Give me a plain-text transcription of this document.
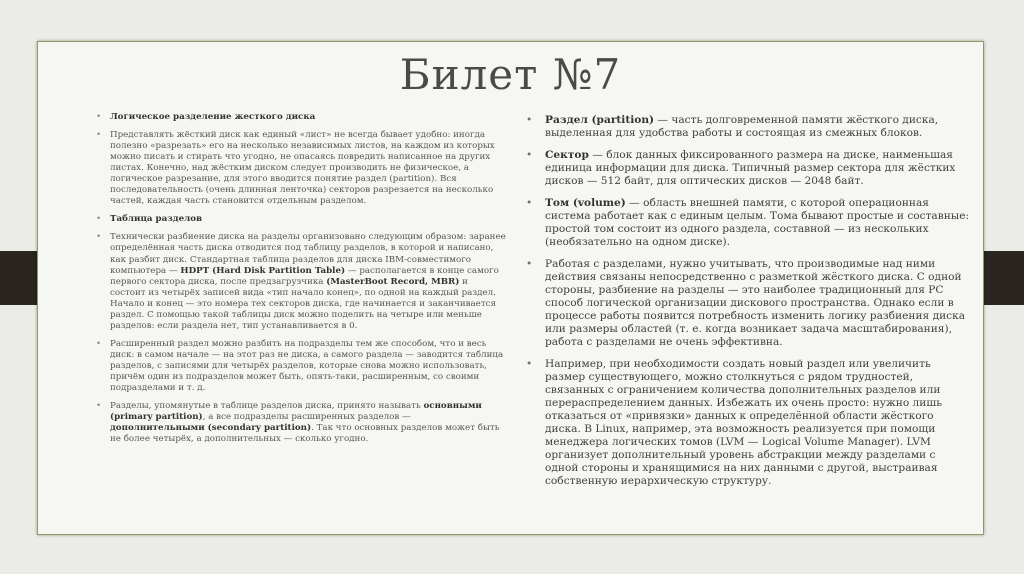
Билет №7
• Логическое разделение жесткого диска
• Представлять жёсткий диск как единый «лист» не всегда бывает удобно: иногда полезно «разрезать» его на несколько независимых листов, на каждом из которых можно писать и стирать что угодно, не опасаясь повредить написанное на других листах. Конечно, над жёстким диском следует производить не физическое, а логическое разрезание, для этого вводится понятие раздел (partition). Вся последовательность (очень длинная ленточка) секторов разрезается на несколько частей, каждая часть становится отдельным разделом.
• Таблица разделов
• Технически разбиение диска на разделы организовано следующим образом: заранее определённая часть диска отводится под таблицу разделов, в которой и написано, как разбит диск. Стандартная таблица разделов для диска IBM-совместимого компьютера — HDPT (Hard Disk Partition Table) — располагается в конце самого первого сектора диска, после предзагрузчика (MasterBoot Record, MBR) и состоит из четырёх записей вида «тип начало конец», по одной на каждый раздел. Начало и конец — это номера тех секторов диска, где начинается и заканчивается раздел. С помощью такой таблицы диск можно поделить на четыре или меньше разделов: если раздела нет, тип устанавливается в 0.
• Расширенный раздел можно разбить на подразделы тем же способом, что и весь диск: в самом начале — на этот раз не диска, а самого раздела — заводится таблица разделов, с записями для четырёх разделов, которые снова можно использовать, причём один из подразделов может быть, опять-таки, расширенным, со своими подразделами и т. д.
• Разделы, упомянутые в таблице разделов диска, принято называть основными (primary partition), а все подразделы расширенных разделов — дополнительными (secondary partition). Так что основных разделов может быть не более четырёх, а дополнительных — сколько угодно.
• Раздел (partition) — часть долговременной памяти жёсткого диска, выделенная для удобства работы и состоящая из смежных блоков.
• Сектор — блок данных фиксированного размера на диске, наименьшая единица информации для диска. Типичный размер сектора для жёстких дисков — 512 байт, для оптических дисков — 2048 байт.
• Том (volume) — область внешней памяти, с которой операционная система работает как с единым целым. Тома бывают простые и составные: простой том состоит из одного раздела, составной — из нескольких (необязательно на одном диске).
• Работая с разделами, нужно учитывать, что производимые над ними действия связаны непосредственно с разметкой жёсткого диска. С одной стороны, разбиение на разделы — это наиболее традиционный для PC способ логической организации дискового пространства. Однако если в процессе работы появится потребность изменить логику разбиения диска или размеры областей (т. е. когда возникает задача масштабирования), работа с разделами не очень эффективна.
• Например, при необходимости создать новый раздел или увеличить размер существующего, можно столкнуться с рядом трудностей, связанных с ограничением количества дополнительных разделов или перераспределением данных. Избежать их очень просто: нужно лишь отказаться от «привязки» данных к определённой области жёсткого диска. В Linux, например, эта возможность реализуется при помощи менеджера логических томов (LVM — Logical Volume Manager). LVM организует дополнительный уровень абстракции между разделами с одной стороны и хранящимися на них данными с другой, выстраивая собственную иерархическую структуру.
